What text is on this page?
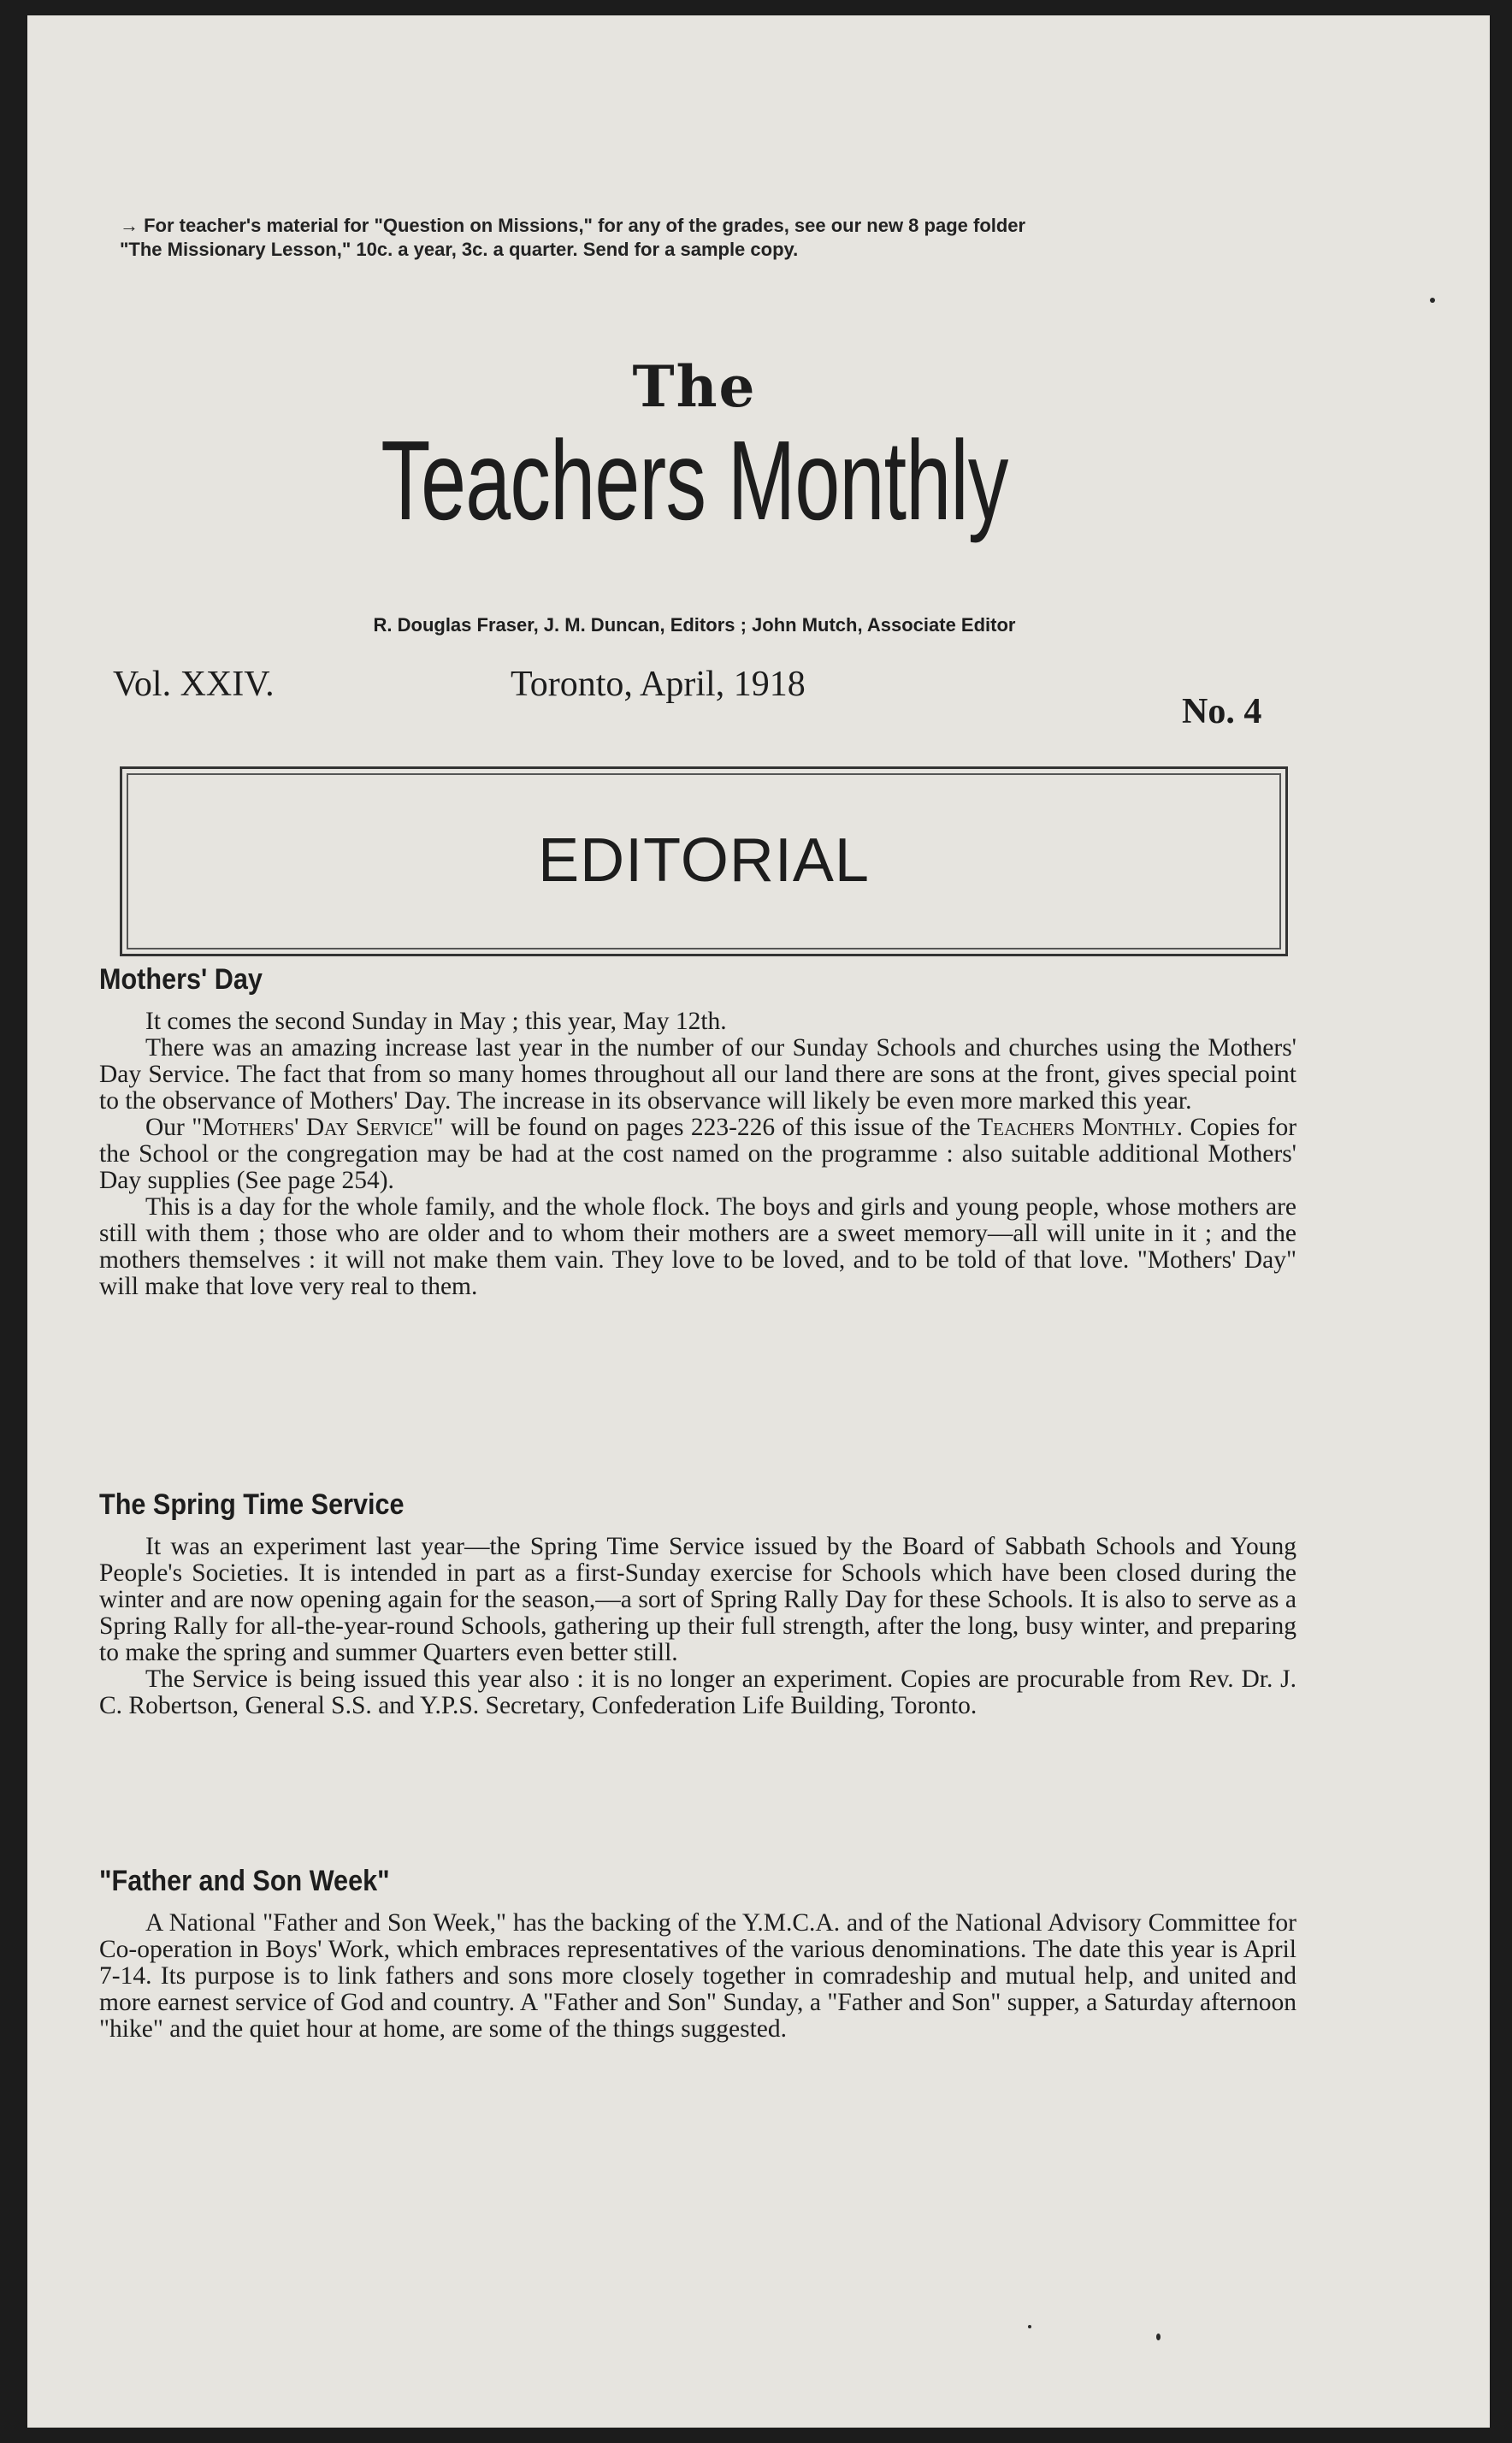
→ For teacher's material for "Question on Missions," for any of the grades, see our new 8 page folder
"The Missionary Lesson," 10c. a year, 3c. a quarter. Send for a sample copy.
The
Teachers Monthly
R. Douglas Fraser, J. M. Duncan, Editors ; John Mutch, Associate Editor
Vol. XXIV.	Toronto, April, 1918
No. 4
EDITORIAL
Mothers' Day

It comes the second Sunday in May ; this year, May 12th.

There was an amazing increase last year in the number of our Sunday Schools and churches using the Mothers' Day Service. The fact that from so many homes throughout all our land there are sons at the front, gives special point to the observance of Mothers' Day. The increase in its observance will likely be even more marked this year.

Our "Mothers' Day Service" will be found on pages 223-226 of this issue of the Teachers Monthly. Copies for the School or the congregation may be had at the cost named on the programme : also suitable additional Mothers' Day supplies (See page 254).

This is a day for the whole family, and the whole flock. The boys and girls and young people, whose mothers are still with them ; those who are older and to whom their mothers are a sweet memory—all will unite in it ; and the mothers themselves : it will not make them vain. They love to be loved, and to be told of that love. "Mothers' Day" will make that love very real to them.

The Spring Time Service

It was an experiment last year—the Spring Time Service issued by the Board of Sabbath Schools and Young People's Societies. It is intended in part as a first-Sunday exercise for Schools which have been closed during the winter and are now opening again for the season,—a sort of Spring Rally Day for these Schools. It is also to serve as a Spring Rally for all-the-year-round Schools, gathering up their full strength, after the long, busy winter, and preparing to make the spring and summer Quarters even better still.

The Service is being issued this year also : it is no longer an experiment. Copies are procurable from Rev. Dr. J. C. Robertson, General S.S. and Y.P.S. Secretary, Confederation Life Building, Toronto.

"Father and Son Week"

A National "Father and Son Week," has the backing of the Y.M.C.A. and of the National Advisory Committee for Co-operation in Boys' Work, which embraces representatives of the various denominations. The date this year is April 7-14. Its purpose is to link fathers and sons more closely together in comradeship and mutual help, and united and more earnest service of God and country. A "Father and Son" Sunday, a "Father and Son" supper, a Saturday afternoon "hike" and the quiet hour at home, are some of the things suggested.
